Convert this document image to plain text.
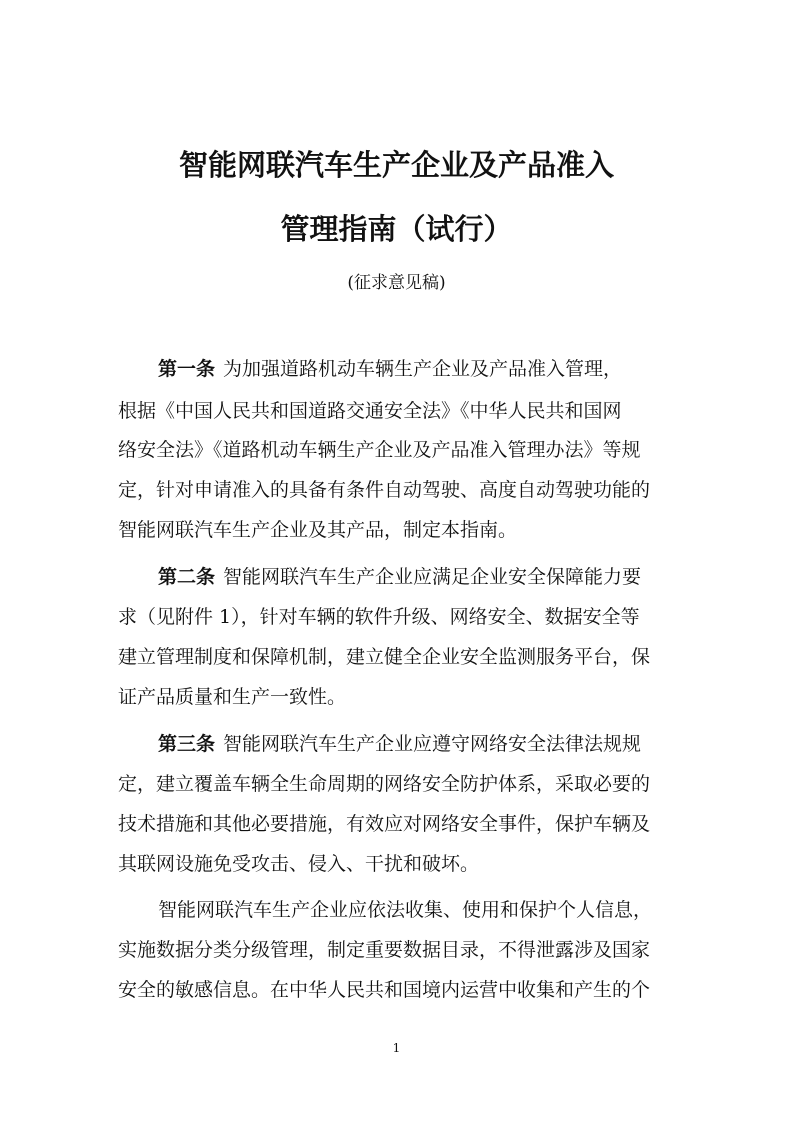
智能网联汽车生产企业及产品准入
管理指南（试行）
(征求意见稿)
第一条 为加强道路机动车辆生产企业及产品准入管理，
根据《中国人民共和国道路交通安全法》《中华人民共和国网
络安全法》《道路机动车辆生产企业及产品准入管理办法》等规
定，针对申请准入的具备有条件自动驾驶、高度自动驾驶功能的
智能网联汽车生产企业及其产品，制定本指南。
第二条 智能网联汽车生产企业应满足企业安全保障能力要
求（见附件 1），针对车辆的软件升级、网络安全、数据安全等
建立管理制度和保障机制，建立健全企业安全监测服务平台，保
证产品质量和生产一致性。
第三条 智能网联汽车生产企业应遵守网络安全法律法规规
定，建立覆盖车辆全生命周期的网络安全防护体系，采取必要的
技术措施和其他必要措施，有效应对网络安全事件，保护车辆及
其联网设施免受攻击、侵入、干扰和破坏。
智能网联汽车生产企业应依法收集、使用和保护个人信息，
实施数据分类分级管理，制定重要数据目录，不得泄露涉及国家
安全的敏感信息。在中华人民共和国境内运营中收集和产生的个
1
